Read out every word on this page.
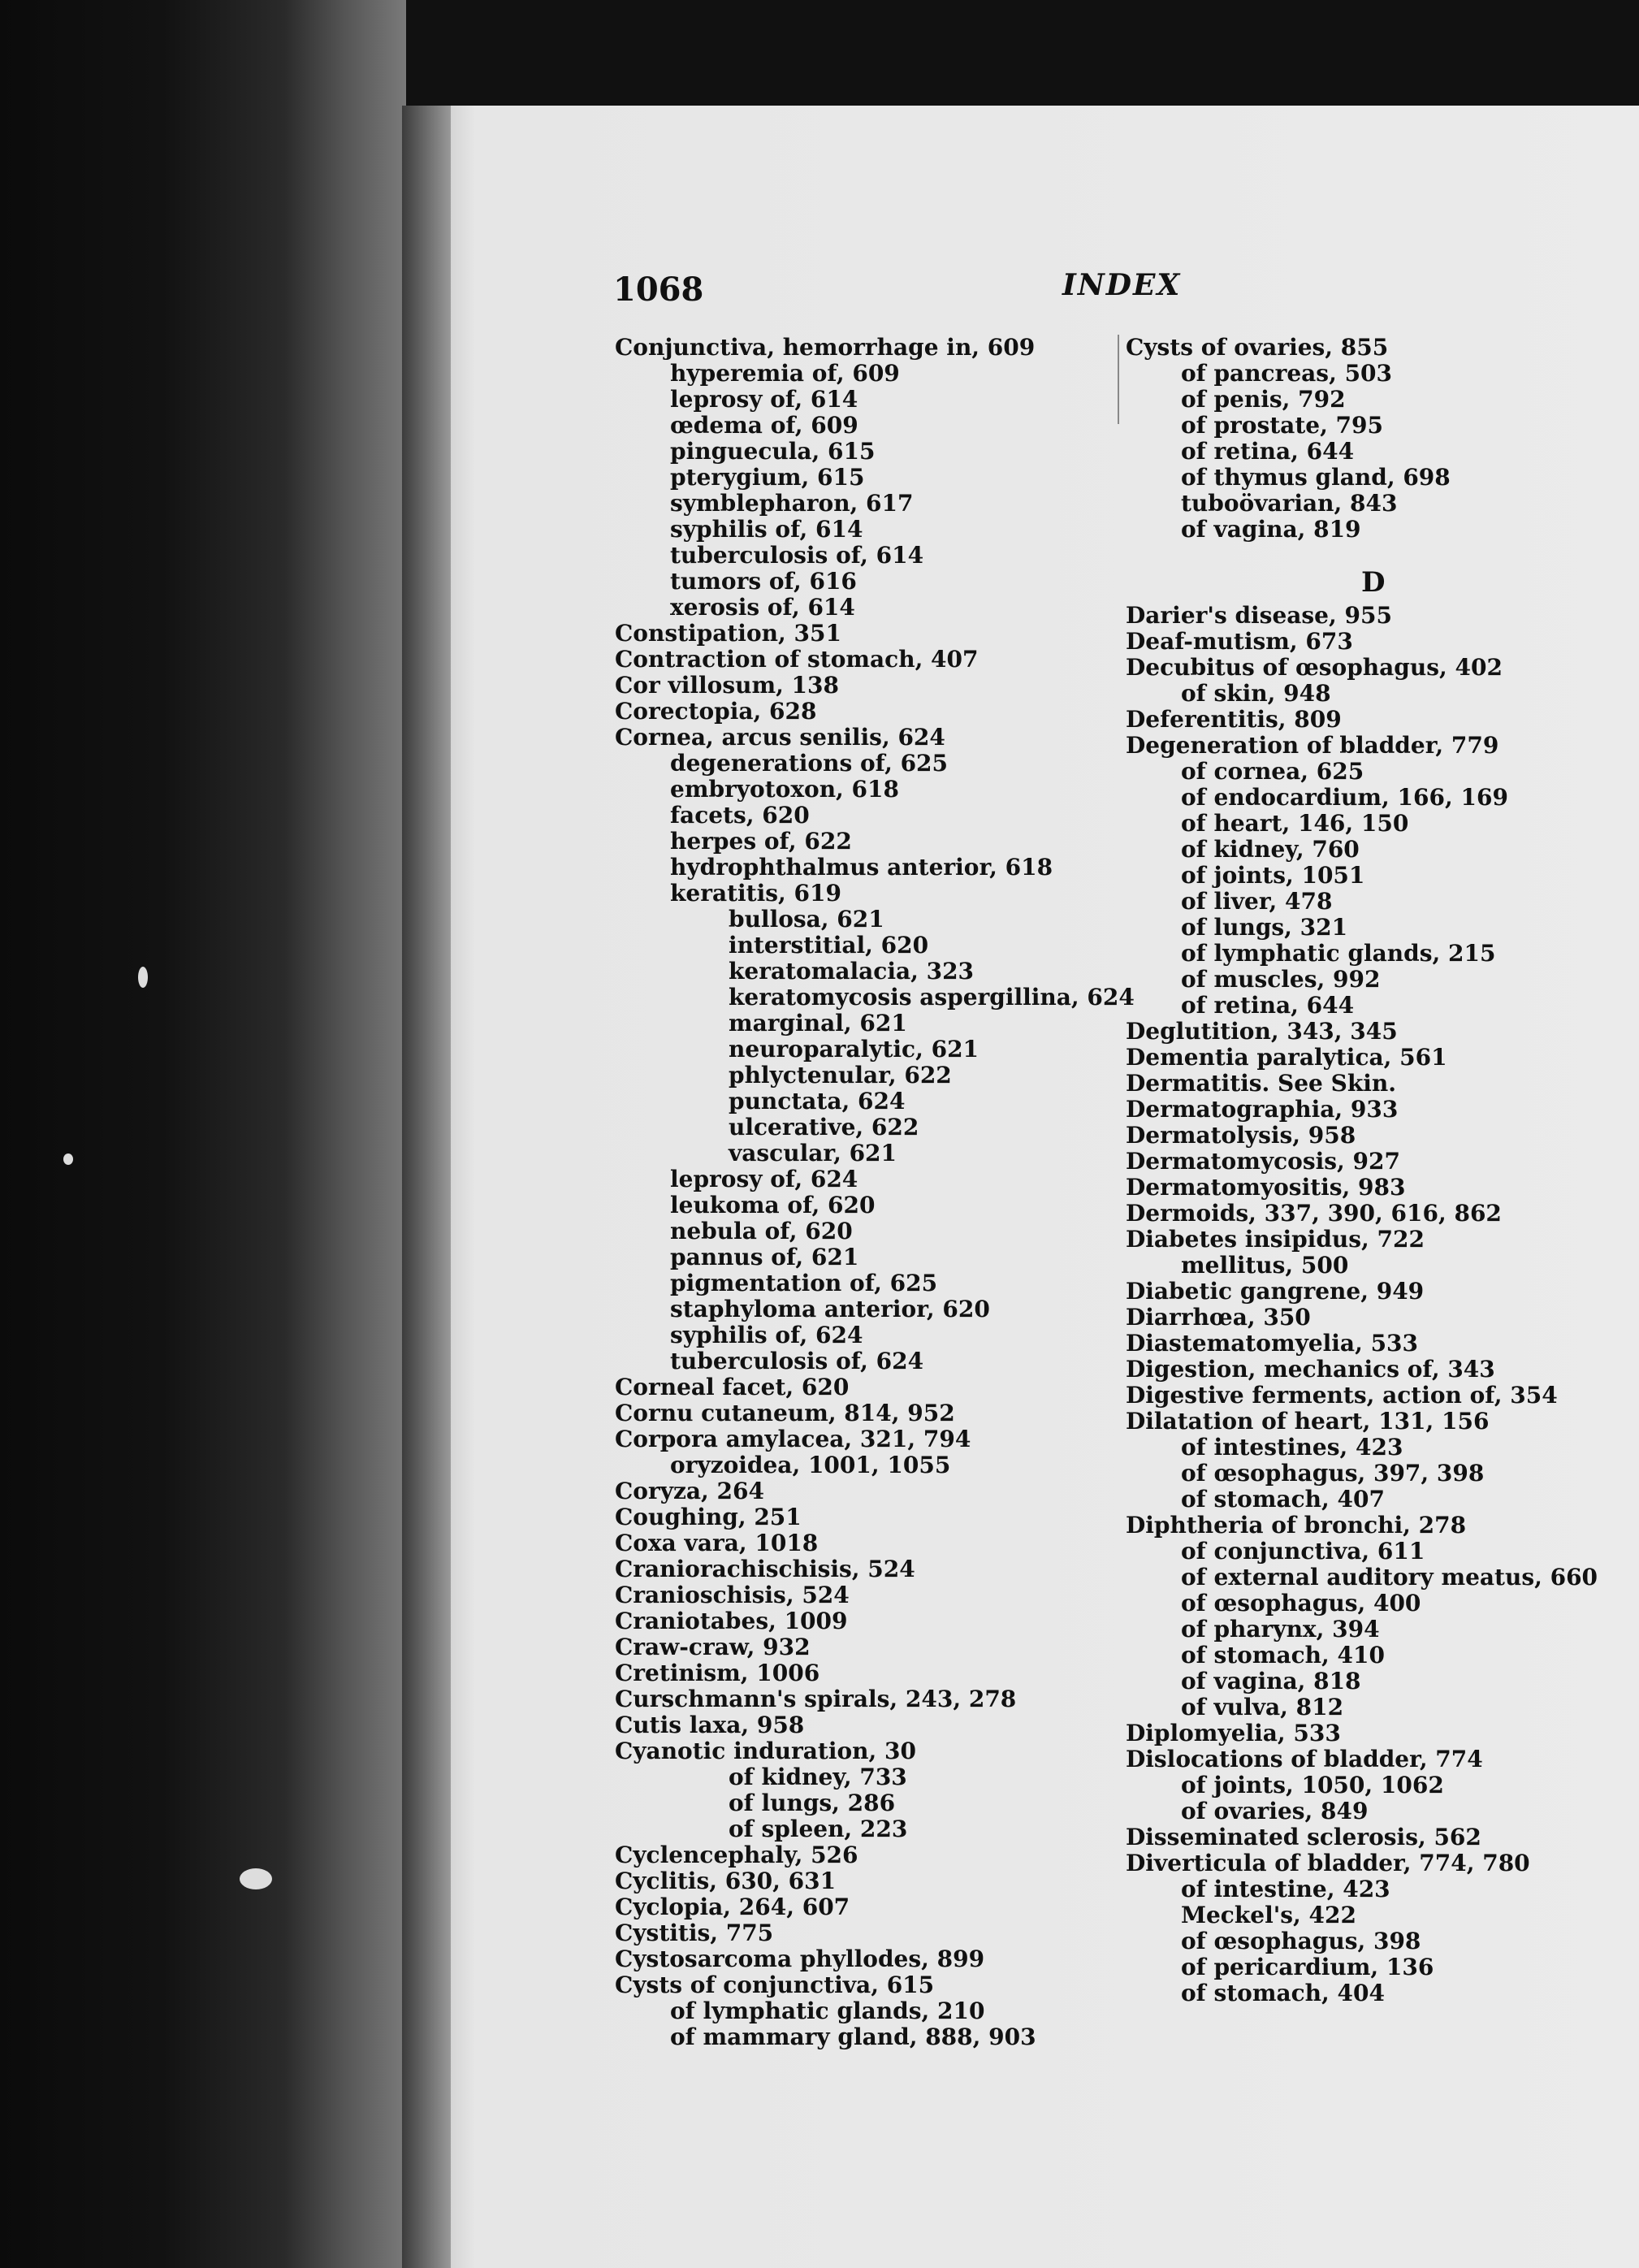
1068	INDEX
Conjunctiva, hemorrhage in, 609
hyperemia of, 609
leprosy of, 614
œdema of, 609
pinguecula, 615
pterygium, 615
symblepharon, 617
syphilis of, 614
tuberculosis of, 614
tumors of, 616
xerosis of, 614
Constipation, 351
Contraction of stomach, 407
Cor villosum, 138
Corectopia, 628
Cornea, arcus senilis, 624
degenerations of, 625
embryotoxon, 618
facets, 620
herpes of, 622
hydrophthalmus anterior, 618
keratitis, 619
bullosa, 621
interstitial, 620
keratomalacia, 323
keratomycosis aspergillina, 624
marginal, 621
neuroparalytic, 621
phlyctenular, 622
punctata, 624
ulcerative, 622
vascular, 621
leprosy of, 624
leukoma of, 620
nebula of, 620
pannus of, 621
pigmentation of, 625
staphyloma anterior, 620
syphilis of, 624
tuberculosis of, 624
Corneal facet, 620
Cornu cutaneum, 814, 952
Corpora amylacea, 321, 794
oryzoidea, 1001, 1055
Coryza, 264
Coughing, 251
Coxa vara, 1018
Craniorachischisis, 524
Cranioschisis, 524
Craniotabes, 1009
Craw-craw, 932
Cretinism, 1006
Curschmann's spirals, 243, 278
Cutis laxa, 958
Cyanotic induration, 30
of kidney, 733
of lungs, 286
of spleen, 223
Cyclencephaly, 526
Cyclitis, 630, 631
Cyclopia, 264, 607
Cystitis, 775
Cystosarcoma phyllodes, 899
Cysts of conjunctiva, 615
of lymphatic glands, 210
of mammary gland, 888, 903
Cysts of ovaries, 855
of pancreas, 503
of penis, 792
of prostate, 795
of retina, 644
of thymus gland, 698
tuboövarian, 843
of vagina, 819
D
Darier's disease, 955
Deaf-mutism, 673
Decubitus of œsophagus, 402
of skin, 948
Deferentitis, 809
Degeneration of bladder, 779
of cornea, 625
of endocardium, 166, 169
of heart, 146, 150
of kidney, 760
of joints, 1051
of liver, 478
of lungs, 321
of lymphatic glands, 215
of muscles, 992
of retina, 644
Deglutition, 343, 345
Dementia paralytica, 561
Dermatitis. See Skin.
Dermatographia, 933
Dermatolysis, 958
Dermatomycosis, 927
Dermatomyositis, 983
Dermoids, 337, 390, 616, 862
Diabetes insipidus, 722
mellitus, 500
Diabetic gangrene, 949
Diarrhœa, 350
Diastematomyelia, 533
Digestion, mechanics of, 343
Digestive ferments, action of, 354
Dilatation of heart, 131, 156
of intestines, 423
of œsophagus, 397, 398
of stomach, 407
Diphtheria of bronchi, 278
of conjunctiva, 611
of external auditory meatus, 660
of œsophagus, 400
of pharynx, 394
of stomach, 410
of vagina, 818
of vulva, 812
Diplomyelia, 533
Dislocations of bladder, 774
of joints, 1050, 1062
of ovaries, 849
Disseminated sclerosis, 562
Diverticula of bladder, 774, 780
of intestine, 423
Meckel's, 422
of œsophagus, 398
of pericardium, 136
of stomach, 404
